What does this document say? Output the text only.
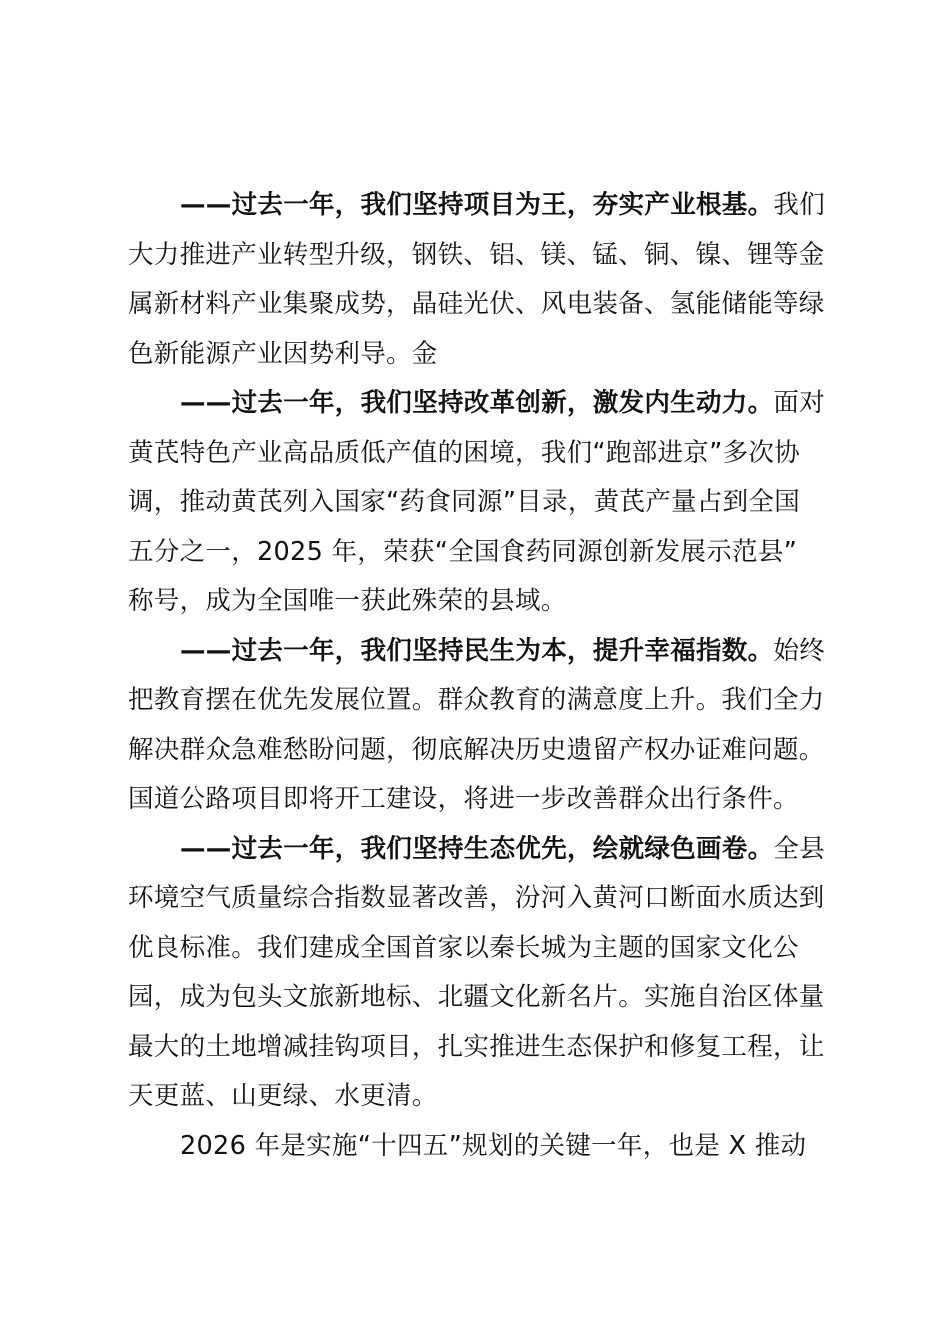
——过去一年，我们坚持项目为王，夯实产业根基。我们
大力推进产业转型升级，钢铁、铝、镁、锰、铜、镍、锂等金
属新材料产业集聚成势，晶硅光伏、风电装备、氢能储能等绿
色新能源产业因势利导。金
——过去一年，我们坚持改革创新，激发内生动力。面对
黄芪特色产业高品质低产值的困境，我们“跑部进京”多次协
调，推动黄芪列入国家“药食同源”目录，黄芪产量占到全国
五分之一，2025 年，荣获“全国食药同源创新发展示范县”
称号，成为全国唯一获此殊荣的县域。
——过去一年，我们坚持民生为本，提升幸福指数。始终
把教育摆在优先发展位置。群众教育的满意度上升。我们全力
解决群众急难愁盼问题，彻底解决历史遗留产权办证难问题。
国道公路项目即将开工建设，将进一步改善群众出行条件。
——过去一年，我们坚持生态优先，绘就绿色画卷。全县
环境空气质量综合指数显著改善，汾河入黄河口断面水质达到
优良标准。我们建成全国首家以秦长城为主题的国家文化公
园，成为包头文旅新地标、北疆文化新名片。实施自治区体量
最大的土地增减挂钩项目，扎实推进生态保护和修复工程，让
天更蓝、山更绿、水更清。
2026 年是实施“十四五”规划的关键一年，也是 X 推动
